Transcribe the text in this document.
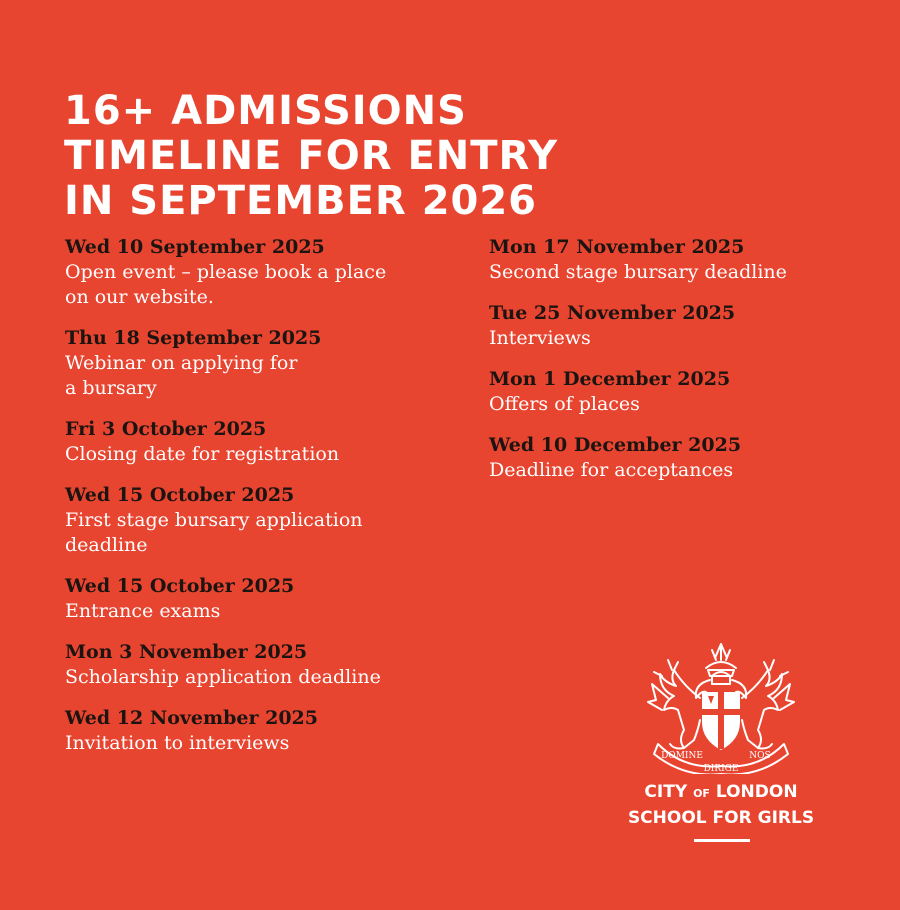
16+ ADMISSIONS
TIMELINE FOR ENTRY
IN SEPTEMBER 2026
Wed 10 September 2025
Open event – please book a place
on our website.
Thu 18 September 2025
Webinar on applying for
a bursary
Fri 3 October 2025
Closing date for registration
Wed 15 October 2025
First stage bursary application
deadline
Wed 15 October 2025
Entrance exams
Mon 3 November 2025
Scholarship application deadline
Wed 12 November 2025
Invitation to interviews
Mon 17 November 2025
Second stage bursary deadline
Tue 25 November 2025
Interviews
Mon 1 December 2025
Offers of places
Wed 10 December 2025
Deadline for acceptances
DOMINE
DIRIGE
NOS
CITY OF LONDON
SCHOOL FOR GIRLS
